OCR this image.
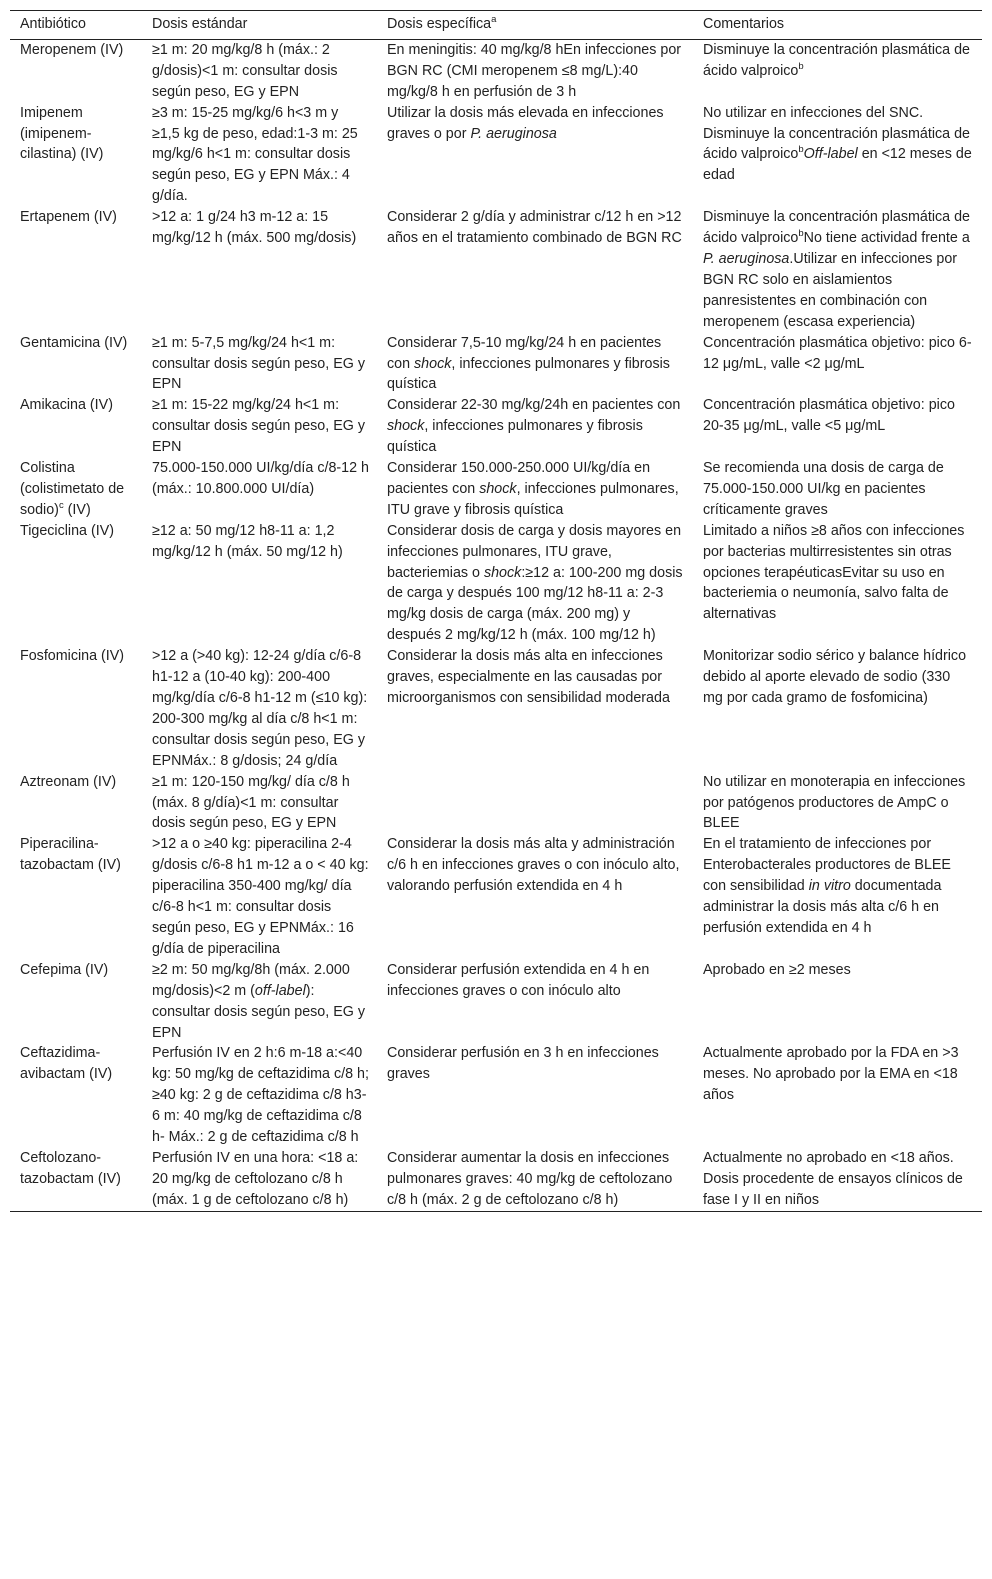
Antibiótico	Dosis estándar	Dosis específica$^a$	Comentarios
Meropenem (IV)	≥1 m: 20 mg/kg/8 h (máx.: 2 g/dosis)<1 m: consultar dosis según peso, EG y EPN	En meningitis: 40 mg/kg/8 hEn infecciones por BGN RC (CMI meropenem ≤8 mg/L):40 mg/kg/8 h en perfusión de 3 h	Disminuye la concentración plasmática de ácido valproico$^b$
Imipenem (imipenem-cilastina) (IV)	≥3 m: 15-25 mg/kg/6 h<3 m y ≥1,5 kg de peso, edad:1-3 m: 25 mg/kg/6 h<1 m: consultar dosis según peso, EG y EPN Máx.: 4 g/día.	Utilizar la dosis más elevada en infecciones graves o por P. aeruginosa	No utilizar en infecciones del SNC. Disminuye la concentración plasmática de ácido valproico$^b$Off-label en <12 meses de edad
Ertapenem (IV)	>12 a: 1 g/24 h3 m-12 a: 15 mg/kg/12 h (máx. 500 mg/dosis)	Considerar 2 g/día y administrar c/12 h en >12 años en el tratamiento combinado de BGN RC	Disminuye la concentración plasmática de ácido valproico$^b$No tiene actividad frente a P. aeruginosa.Utilizar en infecciones por BGN RC solo en aislamientos panresistentes en combinación con meropenem (escasa experiencia)
Gentamicina (IV)	≥1 m: 5-7,5 mg/kg/24 h<1 m: consultar dosis según peso, EG y EPN	Considerar 7,5-10 mg/kg/24 h en pacientes con shock, infecciones pulmonares y fibrosis quística	Concentración plasmática objetivo: pico 6-12 μg/mL, valle <2 μg/mL
Amikacina (IV)	≥1 m: 15-22 mg/kg/24 h<1 m: consultar dosis según peso, EG y EPN	Considerar 22-30 mg/kg/24h en pacientes con shock, infecciones pulmonares y fibrosis quística	Concentración plasmática objetivo: pico 20-35 μg/mL, valle <5 μg/mL
Colistina (colistimetato de sodio)$^c$ (IV)	75.000-150.000 UI/kg/día c/8-12 h (máx.: 10.800.000 UI/día)	Considerar 150.000-250.000 UI/kg/día en pacientes con shock, infecciones pulmonares, ITU grave y fibrosis quística	Se recomienda una dosis de carga de 75.000-150.000 UI/kg en pacientes críticamente graves
Tigeciclina (IV)	≥12 a: 50 mg/12 h8-11 a: 1,2 mg/kg/12 h (máx. 50 mg/12 h)	Considerar dosis de carga y dosis mayores en infecciones pulmonares, ITU grave, bacteriemias o shock:≥12 a: 100-200 mg dosis de carga y después 100 mg/12 h8-11 a: 2-3 mg/kg dosis de carga (máx. 200 mg) y después 2 mg/kg/12 h (máx. 100 mg/12 h)	Limitado a niños ≥8 años con infecciones por bacterias multirresistentes sin otras opciones terapéuticasEvitar su uso en bacteriemia o neumonía, salvo falta de alternativas
Fosfomicina (IV)	>12 a (>40 kg): 12-24 g/día c/6-8 h1-12 a (10-40 kg): 200-400 mg/kg/día c/6-8 h1-12 m (≤10 kg): 200-300 mg/kg al día c/8 h<1 m: consultar dosis según peso, EG y EPNMáx.: 8 g/dosis; 24 g/día	Considerar la dosis más alta en infecciones graves, especialmente en las causadas por microorganismos con sensibilidad moderada	Monitorizar sodio sérico y balance hídrico debido al aporte elevado de sodio (330 mg por cada gramo de fosfomicina)
Aztreonam (IV)	≥1 m: 120-150 mg/kg/ día c/8 h (máx. 8 g/día)<1 m: consultar dosis según peso, EG y EPN		No utilizar en monoterapia en infecciones por patógenos productores de AmpC o BLEE
Piperacilina-tazobactam (IV)	>12 a o ≥40 kg: piperacilina 2-4 g/dosis c/6-8 h1 m-12 a o < 40 kg: piperacilina 350-400 mg/kg/ día c/6-8 h<1 m: consultar dosis según peso, EG y EPNMáx.: 16 g/día de piperacilina	Considerar la dosis más alta y administración c/6 h en infecciones graves o con inóculo alto, valorando perfusión extendida en 4 h	En el tratamiento de infecciones por Enterobacterales productores de BLEE con sensibilidad in vitro documentada administrar la dosis más alta c/6 h en perfusión extendida en 4 h
Cefepima (IV)	≥2 m: 50 mg/kg/8h (máx. 2.000 mg/dosis)<2 m (off-label): consultar dosis según peso, EG y EPN	Considerar perfusión extendida en 4 h en infecciones graves o con inóculo alto	Aprobado en ≥2 meses
Ceftazidima-avibactam (IV)	Perfusión IV en 2 h:6 m-18 a:<40 kg: 50 mg/kg de ceftazidima c/8 h; ≥40 kg: 2 g de ceftazidima c/8 h3-6 m: 40 mg/kg de ceftazidima c/8 h- Máx.: 2 g de ceftazidima c/8 h	Considerar perfusión en 3 h en infecciones graves	Actualmente aprobado por la FDA en >3 meses. No aprobado por la EMA en <18 años
Ceftolozano-tazobactam (IV)	Perfusión IV en una hora: <18 a: 20 mg/kg de ceftolozano c/8 h (máx. 1 g de ceftolozano c/8 h)	Considerar aumentar la dosis en infecciones pulmonares graves: 40 mg/kg de ceftolozano c/8 h (máx. 2 g de ceftolozano c/8 h)	Actualmente no aprobado en <18 años. Dosis procedente de ensayos clínicos de fase I y II en niños
